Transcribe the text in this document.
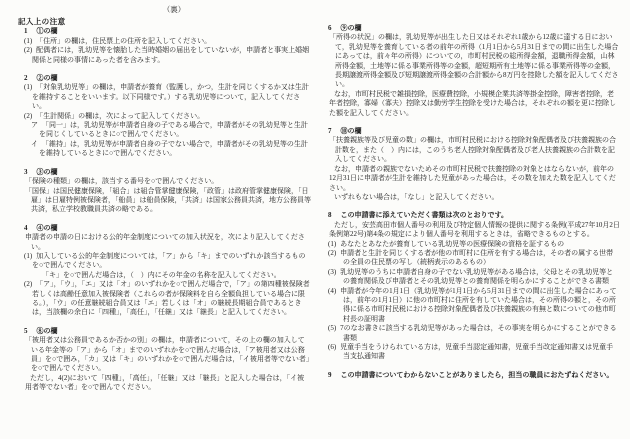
（裏）
記入上の注意
1 ①の欄
(1) 「住所」の欄は，住民票上の住所を記入してください。
(2) 配偶者には，乳幼児等を懐胎した当時婚姻の届出をしていないが，申請者と事実上婚姻関係と同様の事情にあった者を含みます。
2 ②の欄
(1) 「対象乳幼児等」の欄は，申請者が養育（監護し，かつ，生計を同じくするか又は生計を維持することをいいます。以下同様です。）する乳幼児等について，記入してください。
(2) 「生計関係」の欄は，次によって記入してください。
ア 「同一」は，乳幼児等が申請者自身の子である場合で，申請者がその乳幼児等と生計を同じくしているときに○で囲んでください。
イ 「維持」は，乳幼児等が申請者自身の子でない場合で，申請者がその乳幼児等の生計を維持しているときに○で囲んでください。
3 ③の欄
「保険の種類」の欄は，該当する番号を○で囲んでください。
「国保」は国民健康保険，「組合」は組合管掌健康保険，「政管」は政府管掌健康保険，「日雇」は日雇特例被保険者，「船員」は船員保険，「共済」は国家公務員共済，地方公務員等共済，私立学校教職員共済の略である。
4 ④の欄
申請者の申請の日における公的年金制度についての加入状況を，次により記入してください。
(1) 加入している公的年金制度については，「ア」から「キ」までのいずれか該当するものを○で囲んでください。
「キ」を○で囲んだ場合は，（　）内にその年金の名称を記入してください。
(2) 「ア」，「ウ」，「エ」又は「オ」のいずれかを○で囲んだ場合で，「ア」の第四種被保険者若しくは高齢任意加入被保険者（これらの者が保険料を自ら全額負担している場合に限る。），「ウ」の任意継続組合員又は「エ」若しくは「オ」の継続長期組合員であるときは，当該欄の余白に「四種」，「高任」，「任継」又は「継長」と記入してください。
5 ⑧の欄
「被用者又は公務員であるか否かの別」の欄は，申請者について，その上の欄の加入している年金等の「ア」から「オ」までのいずれかを○で囲んだ場合は，「ア被用者又は公務員」を○で囲み，「カ」又は「キ」のいずれかを○で囲んだ場合は，「イ被用者等でない者」を○で囲んでください。
ただし，4(2)において「四種」，「高任」，「任継」又は「継長」と記入した場合は，「イ被用者等でない者」を○で囲んでください。
6 ⑨の欄
「所得の状況」の欄は，乳幼児等が出生した日又はそれぞれ1歳から12歳に達する日において，乳幼児等を養育している者の前年の所得（1月1日から5月31日までの間に出生した場合にあっては，前々年の所得）についての，市町村民税の総所得金額，退職所得金額，山林所得金額，土地等に係る事業所得等の金額，超短期所有土地等に係る事業所得等の金額，長期譲渡所得金額及び短期譲渡所得金額の合計額から8万円を控除した額を記入してください。
なお，市町村民税で雑損控除，医療費控除，小規模企業共済等掛金控除，障害者控除，老年者控除，寡婦（寡夫）控除又は勤労学生控除を受けた場合は，それぞれの額を更に控除した額を記入してください。
7 ⑩の欄
「扶養親族等及び児童の数」の欄は，市町村民税における控除対象配偶者及び扶養親族の合計数を，また（　）内には，このうち老人控除対象配偶者及び老人扶養親族の合計数を記入してください。
なお，申請者の親族でないためその市町村民税で扶養控除の対象とはならないが，前年の12月31日に申請者が生計を維持した児童があった場合は，その数を加えた数を記入してください。
いずれもない場合は，「なし」と記入してください。
8 この申請書に添えていただく書類は次のとおりです。
ただし，安芸高田市個人番号の利用及び特定個人情報の提供に関する条例(平成27年10月2日条例第22号)第4条の規定により個人番号を利用するときは，省略できるものとする。
(1) あなたとあなたが養育している乳幼児等の医療保険の資格を証するもの
(2) 申請者と生計を同じくする者が他の市町村に住所を有する場合は，その者の属する世帯の全員の住民票の写し（続柄表示のあるもの）
(3) 乳幼児等のうちに申請者自身の子でない乳幼児等がある場合は，父母とその乳幼児等との養育関係及び申請者とその乳幼児等との養育関係を明らかにすることができる書類
(4) 申請者が今年の1月1日（乳幼児等が1月1日から5月31日までの間に出生した場合にあっては，前年の1月1日）に他の市町村に住所を有していた場合は，その所得の額と，その所得に係る市町村民税における控除対象配偶者及び扶養親族の有無と数についての他市町村長の証明書
(5) 7のなお書きに該当する乳幼児等があった場合は，その事実を明らかにすることができる書類
(6) 児童手当をうけられている方は，児童手当認定通知書，児童手当改定通知書又は児童手当支払通知書
9 この申請書についてわからないことがありましたら，担当の職員におたずねください。
